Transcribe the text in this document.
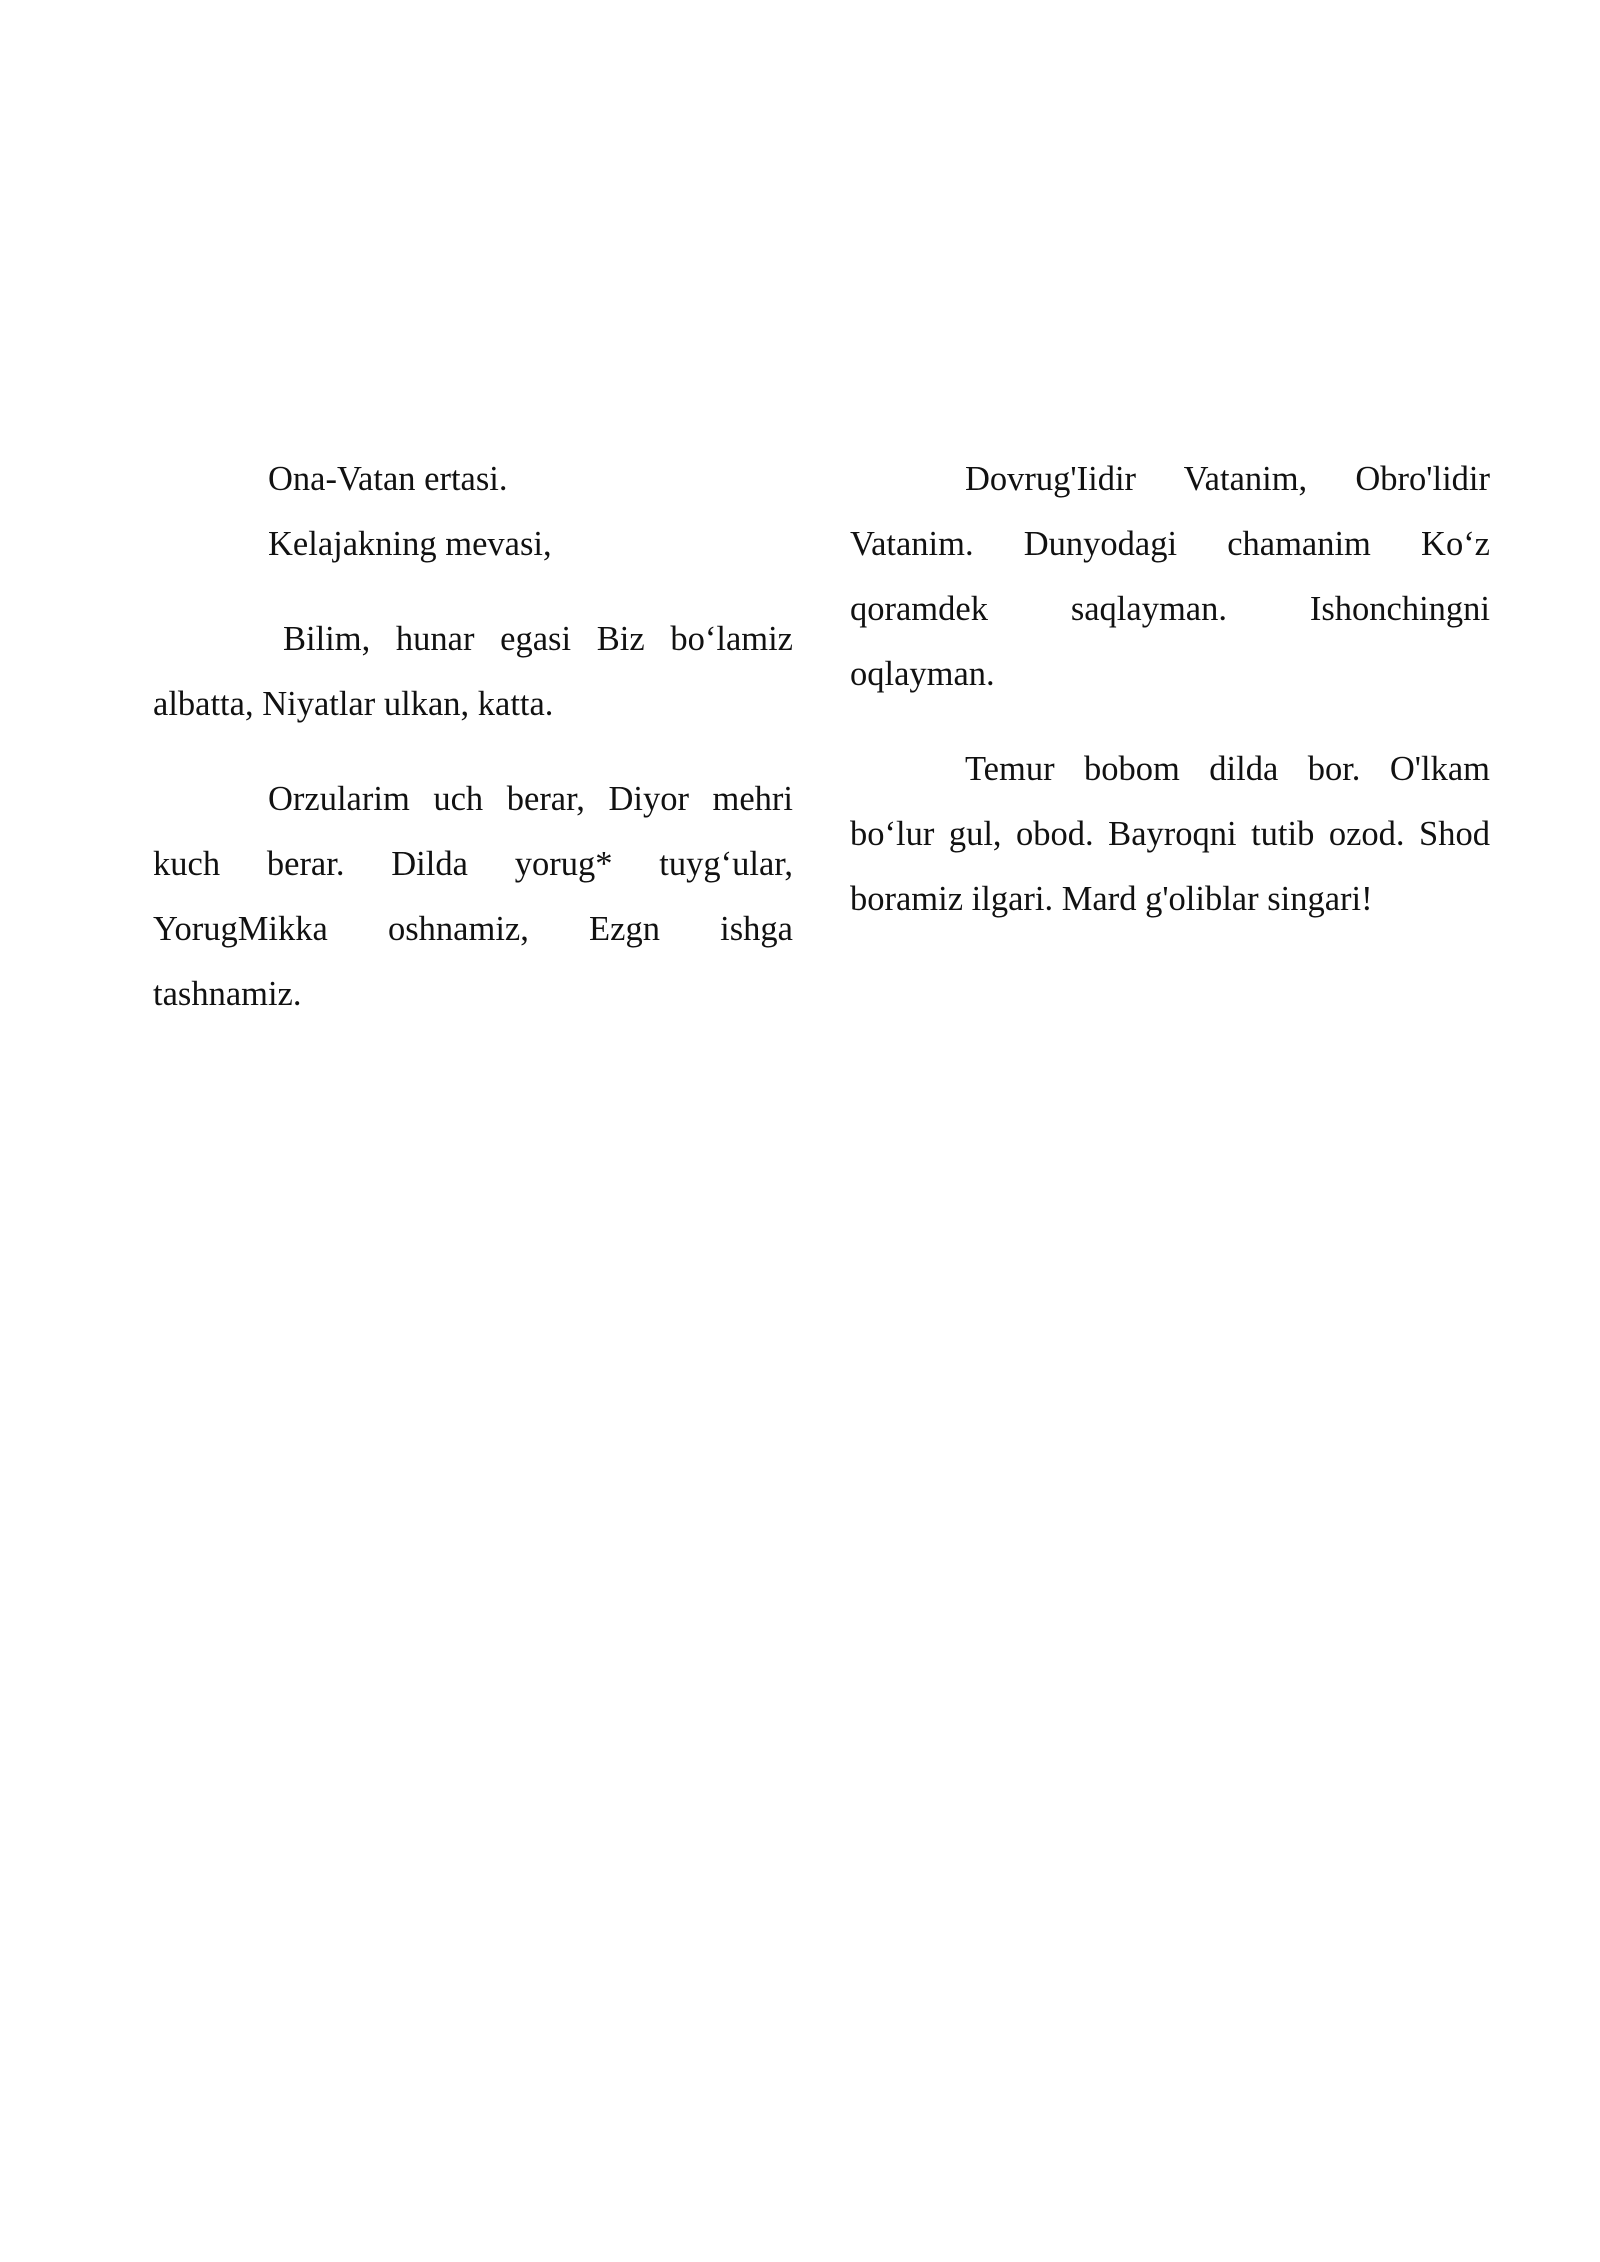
Ona-Vatan ertasi.
Kelajakning mevasi,

Bilim, hunar egasi Biz bo‘lamiz albatta, Niyatlar ulkan, katta.

Orzularim uch berar, Diyor mehri kuch berar. Dilda yorug* tuyg‘ular, YorugMikka oshnamiz, Ezgn ishga tashnamiz.

Dovrug'Iidir Vatanim, Obro'lidir Vatanim. Dunyodagi chamanim Ko‘z qoramdek saqlayman. Ishonchingni oqlayman.

Temur bobom dilda bor. O'lkam bo‘lur gul, obod. Bayroqni tutib ozod. Shod boramiz ilgari. Mard g'oliblar singari!
